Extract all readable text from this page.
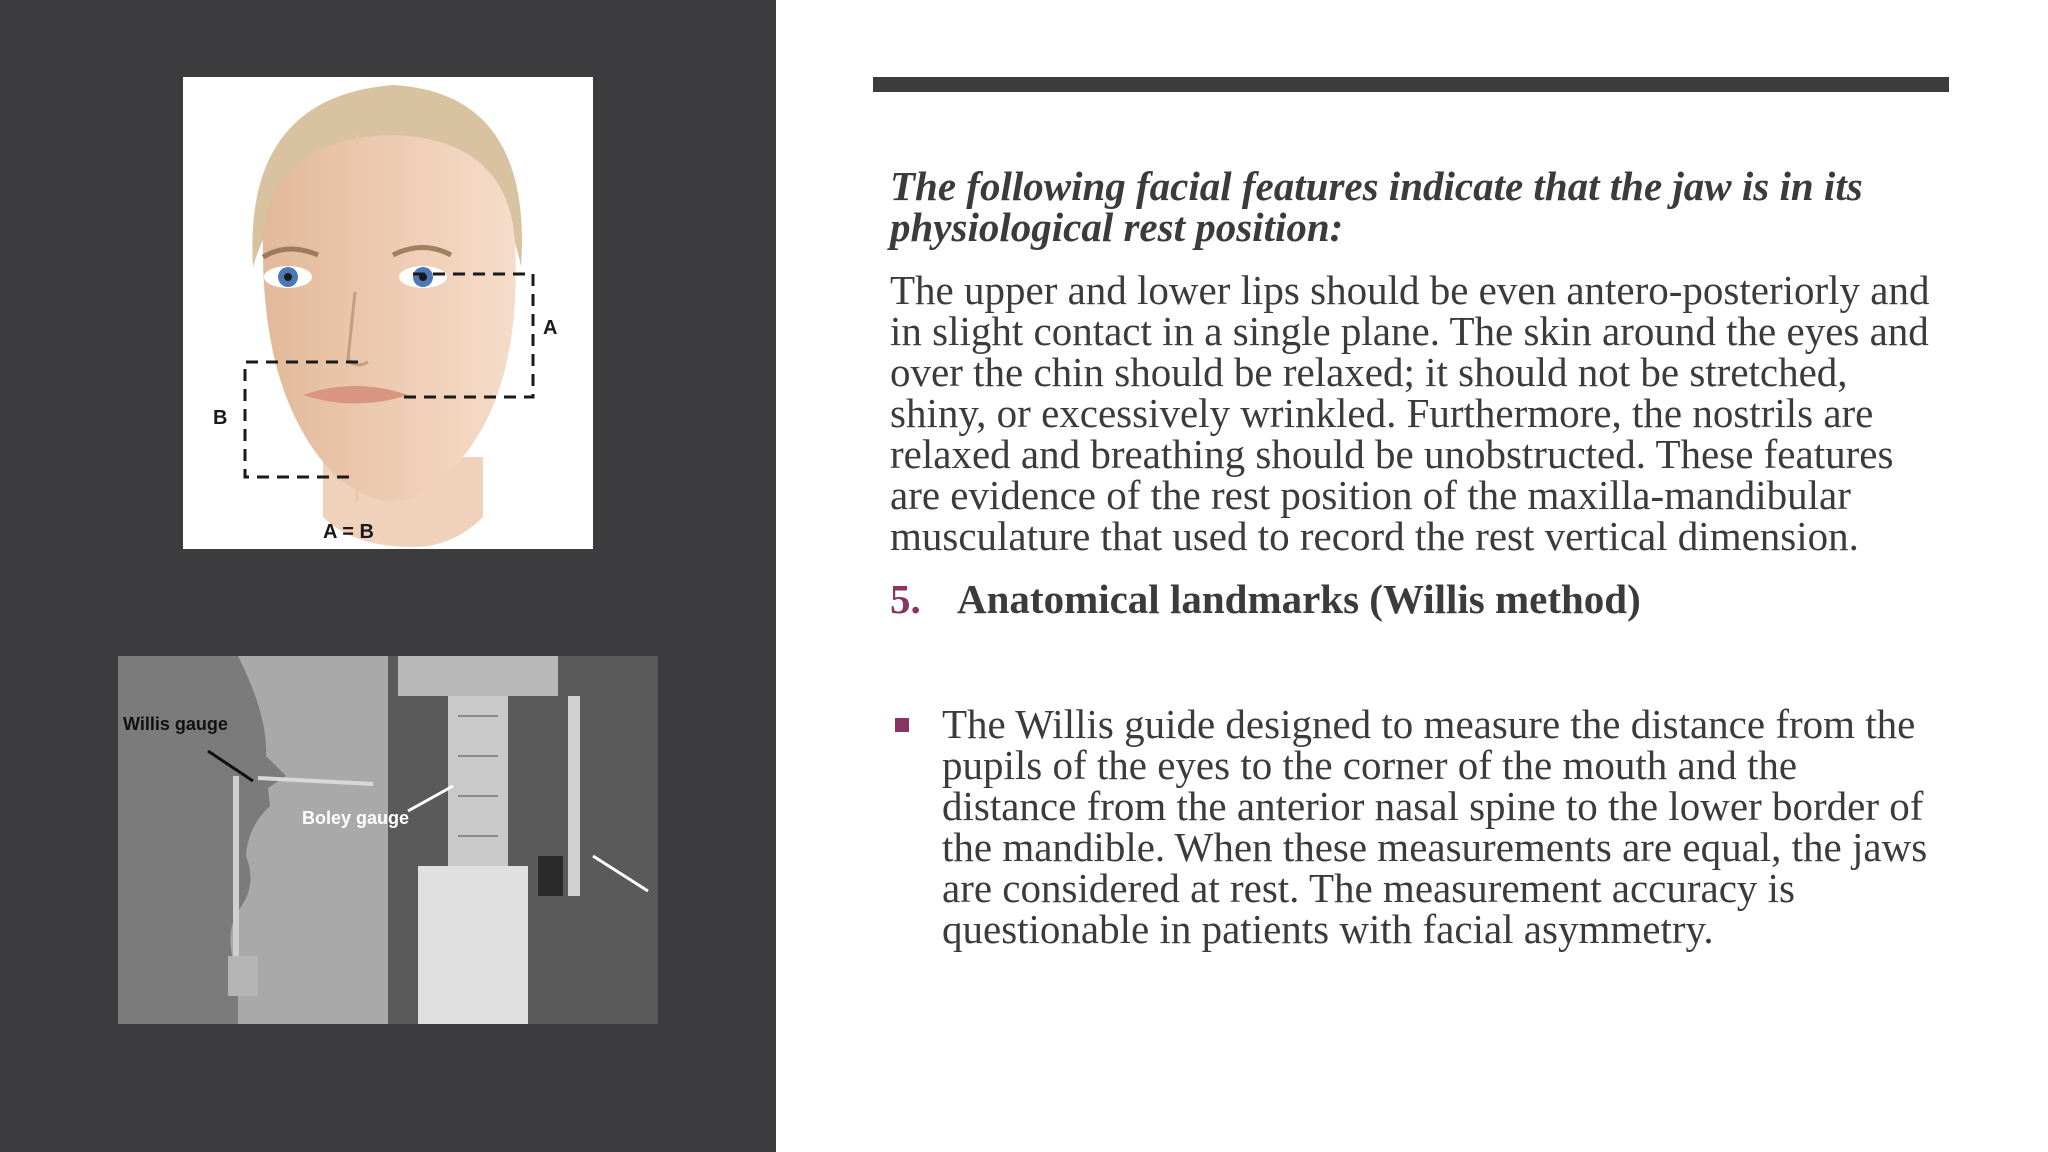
A
B
A = B
Willis gauge
Boley gauge

The following facial features indicate that the jaw is in its physiological rest position:

The upper and lower lips should be even antero-posteriorly and in slight contact in a single plane. The skin around the eyes and over the chin should be relaxed; it should not be stretched, shiny, or excessively wrinkled. Furthermore, the nostrils are relaxed and breathing should be unobstructed. These features are evidence of the rest position of the maxilla-mandibular musculature that used to record the rest vertical dimension.

5. Anatomical landmarks (Willis method)

The Willis guide designed to measure the distance from the pupils of the eyes to the corner of the mouth and the distance from the anterior nasal spine to the lower border of the mandible. When these measurements are equal, the jaws are considered at rest. The measurement accuracy is questionable in patients with facial asymmetry.
